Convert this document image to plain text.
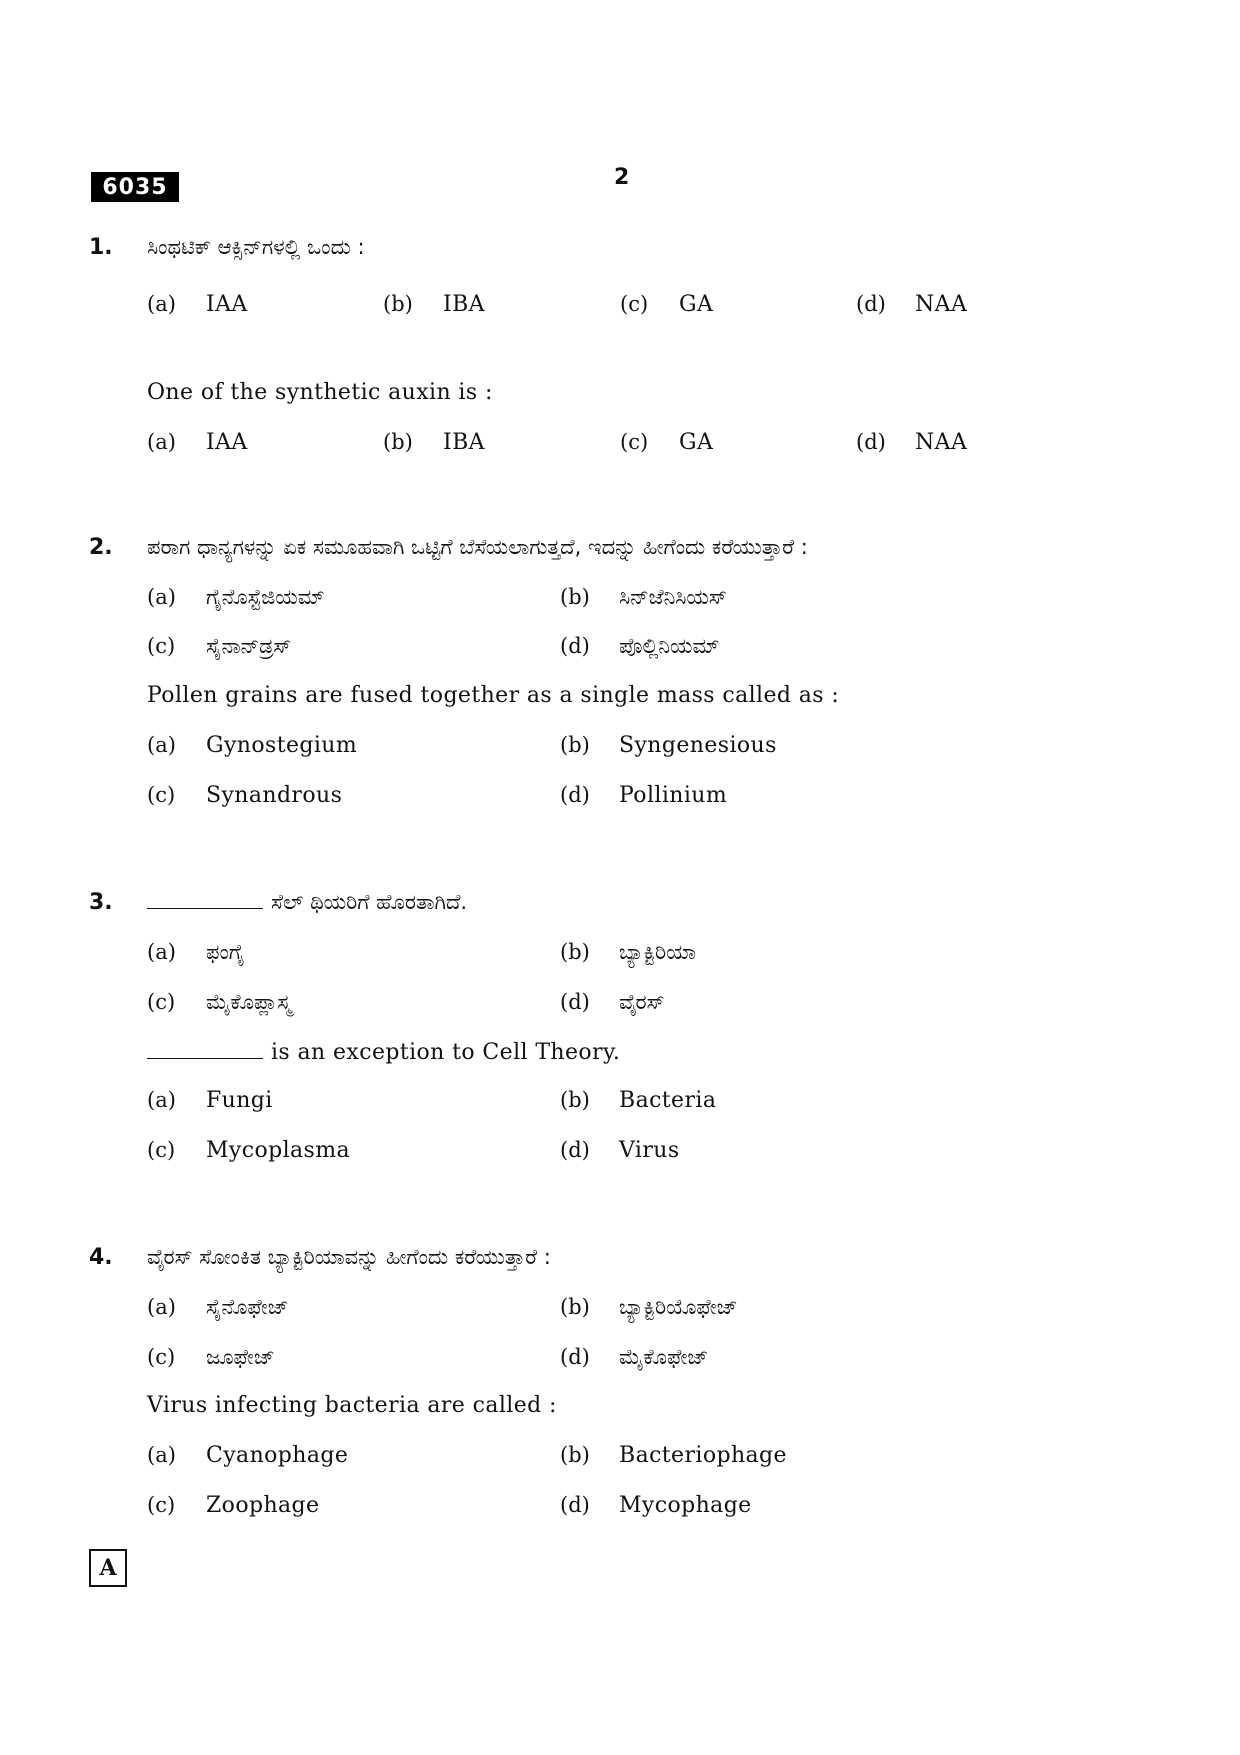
6035	2
1. ಸಿಂಥಟಿಕ್ ಆಕ್ಸಿನ್‌ಗಳಲ್ಲಿ ಒಂದು :
(a) IAA	(b) IBA	(c) GA	(d) NAA
One of the synthetic auxin is :
(a) IAA	(b) IBA	(c) GA	(d) NAA
2. ಪರಾಗ ಧಾನ್ಯಗಳನ್ನು ಏಕ ಸಮೂಹವಾಗಿ ಒಟ್ಟಿಗೆ ಬೆಸೆಯಲಾಗುತ್ತದೆ, ಇದನ್ನು ಹೀಗೆಂದು ಕರೆಯುತ್ತಾರೆ :
(a) ಗೈನೊಸ್ಟೆಜಿಯಮ್	(b) ಸಿನ್‌ಜೆನಿಸಿಯಸ್
(c) ಸೈನಾನ್‌ಡ್ರಸ್	(d) ಪೊಲ್ಲಿನಿಯಮ್
Pollen grains are fused together as a single mass called as :
(a) Gynostegium	(b) Syngenesious
(c) Synandrous	(d) Pollinium
3.	ಸೆಲ್ ಥಿಯರಿಗೆ ಹೊರತಾಗಿದೆ.
(a) ಫಂಗೈ	(b) ಬ್ಯಾಕ್ಟಿರಿಯಾ
(c) ಮೈಕೊಪ್ಲಾಸ್ಮ	(d) ವೈರಸ್
is an exception to Cell Theory.
(a) Fungi	(b) Bacteria
(c) Mycoplasma	(d) Virus
4. ವೈರಸ್ ಸೋಂಕಿತ ಬ್ಯಾಕ್ಟಿರಿಯಾವನ್ನು ಹೀಗೆಂದು ಕರೆಯುತ್ತಾರೆ :
(a) ಸೈನೊಫೇಜ್	(b) ಬ್ಯಾಕ್ಟಿರಿಯೊಫೇಜ್
(c) ಜೂಫೇಜ್	(d) ಮೈಕೊಫೇಜ್
Virus infecting bacteria are called :
(a) Cyanophage	(b) Bacteriophage
(c) Zoophage	(d) Mycophage
A
